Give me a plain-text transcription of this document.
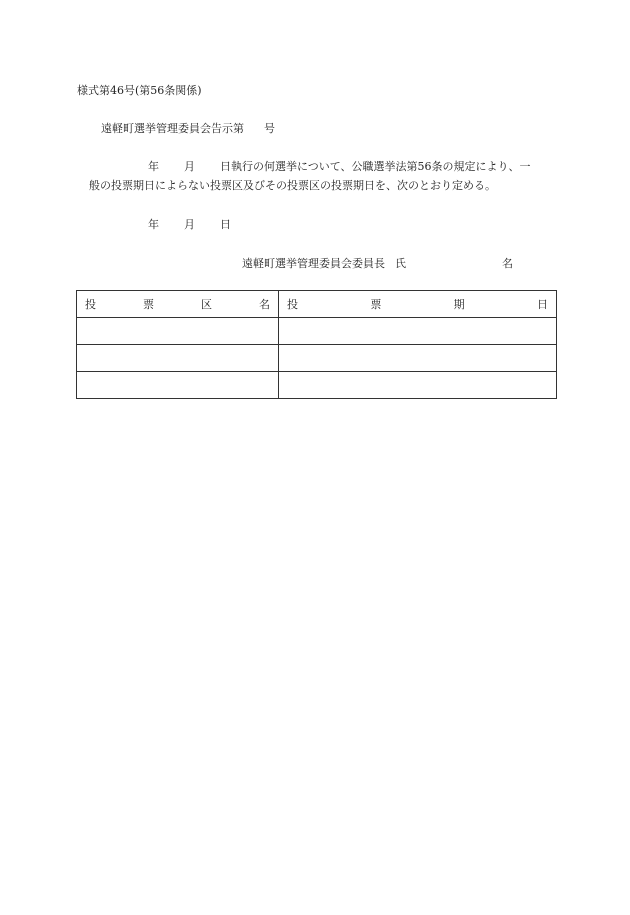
様式第46号(第56条関係)
遠軽町選挙管理委員会告示第 号
年 月 日執行の何選挙について、公職選挙法第56条の規定により、一
般の投票期日によらない投票区及びその投票区の投票期日を、次のとおり定める。
年 月 日
遠軽町選挙管理委員会委員長 氏	名
投 票 区 名	投 票 期 日
